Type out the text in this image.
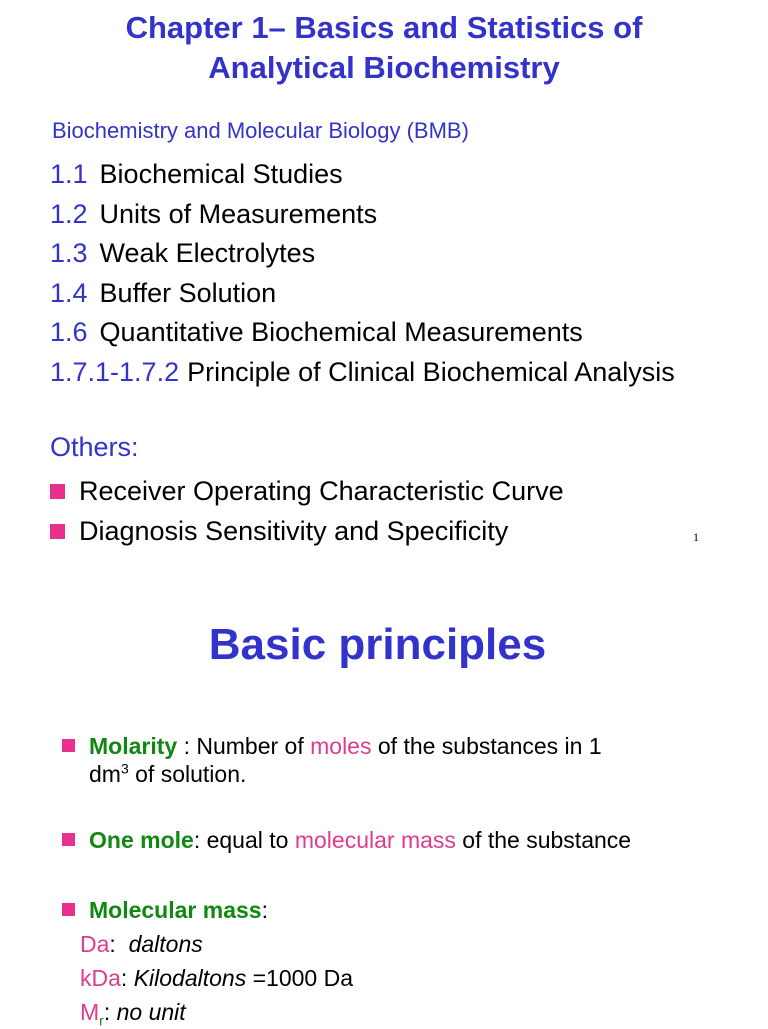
Chapter 1– Basics and Statistics of
Analytical Biochemistry
Biochemistry and Molecular Biology (BMB)
1.1 Biochemical Studies
1.2 Units of Measurements
1.3 Weak Electrolytes
1.4 Buffer Solution
1.6 Quantitative Biochemical Measurements
1.7.1-1.7.2 Principle of Clinical Biochemical Analysis
Others:
Receiver Operating Characteristic Curve
Diagnosis Sensitivity and Specificity	1
Basic principles
Molarity : Number of moles of the substances in 1
$dm^3$ of solution.
One mole: equal to molecular mass of the substance
Molecular mass:
Da:  daltons
kDa: Kilodaltons =1000 Da
$M_r$: no unit
